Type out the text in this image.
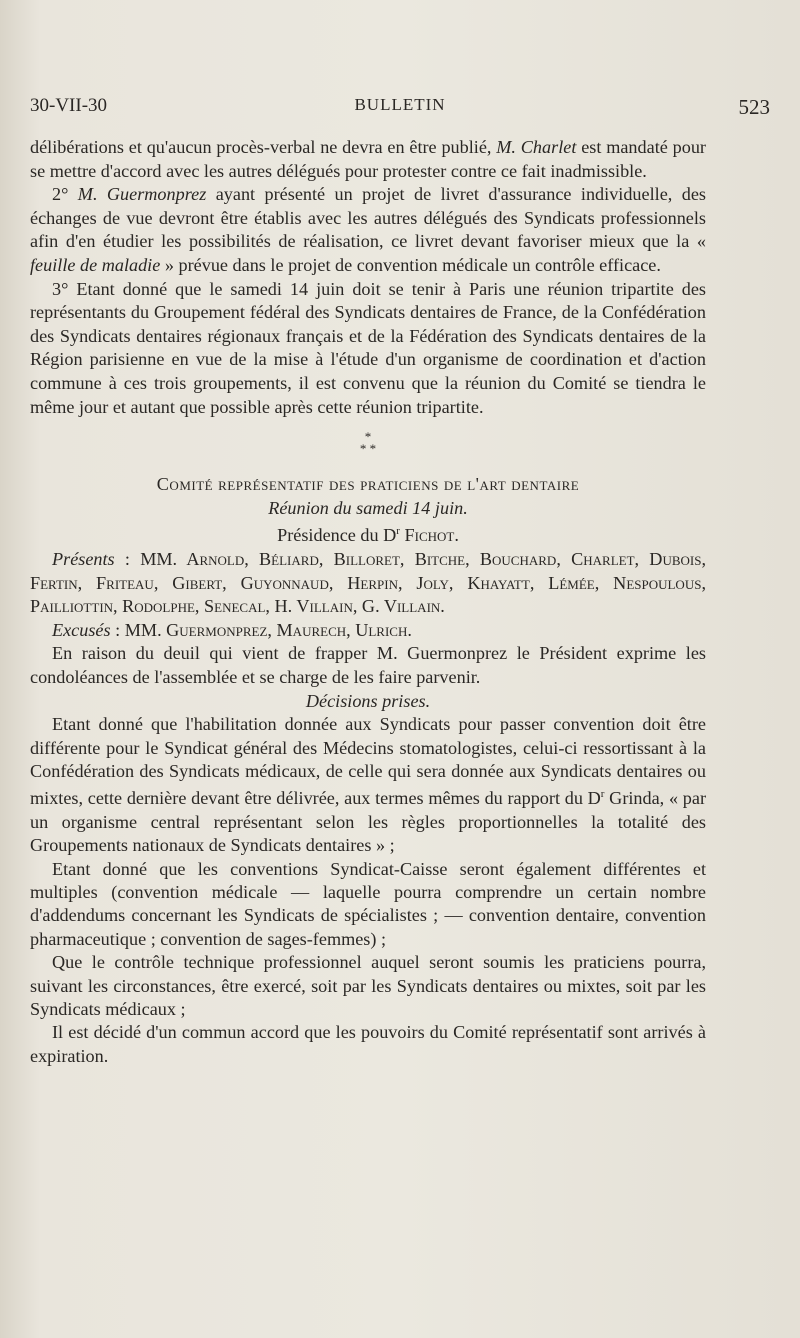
30-VII-30	BULLETIN	523

délibérations et qu'aucun procès-verbal ne devra en être publié, M. Charlet est mandaté pour se mettre d'accord avec les autres délégués pour protester contre ce fait inadmissible.

2° M. Guermonprez ayant présenté un projet de livret d'assurance individuelle, des échanges de vue devront être établis avec les autres délégués des Syndicats professionnels afin d'en étudier les possibilités de réalisation, ce livret devant favoriser mieux que la « feuille de maladie » prévue dans le projet de convention médicale un contrôle efficace.

3° Etant donné que le samedi 14 juin doit se tenir à Paris une réunion tripartite des représentants du Groupement fédéral des Syndicats dentaires de France, de la Confédération des Syndicats dentaires régionaux français et de la Fédération des Syndicats dentaires de la Région parisienne en vue de la mise à l'étude d'un organisme de coordination et d'action commune à ces trois groupements, il est convenu que la réunion du Comité se tiendra le même jour et autant que possible après cette réunion tripartite.

*
* *

Comité représentatif des praticiens de l'art dentaire

Réunion du samedi 14 juin.

Présidence du $D^r$ Fichot.

Présents : MM. Arnold, Béliard, Billoret, Bitche, Bouchard, Charlet, Dubois, Fertin, Friteau, Gibert, Guyonnaud, Herpin, Joly, Khayatt, Lémée, Nespoulous, Pailliottin, Rodolphe, Senecal, H. Villain, G. Villain.

Excusés : MM. Guermonprez, Maurech, Ulrich.

En raison du deuil qui vient de frapper M. Guermonprez le Président exprime les condoléances de l'assemblée et se charge de les faire parvenir.

Décisions prises.

Etant donné que l'habilitation donnée aux Syndicats pour passer convention doit être différente pour le Syndicat général des Médecins stomatologistes, celui-ci ressortissant à la Confédération des Syndicats médicaux, de celle qui sera donnée aux Syndicats dentaires ou mixtes, cette dernière devant être délivrée, aux termes mêmes du rapport du $D^r$ Grinda, « par un organisme central représentant selon les règles proportionnelles la totalité des Groupements nationaux de Syndicats dentaires » ;

Etant donné que les conventions Syndicat-Caisse seront également différentes et multiples (convention médicale — laquelle pourra comprendre un certain nombre d'addendums concernant les Syndicats de spécialistes ; — convention dentaire, convention pharmaceutique ; convention de sages-femmes) ;

Que le contrôle technique professionnel auquel seront soumis les praticiens pourra, suivant les circonstances, être exercé, soit par les Syndicats dentaires ou mixtes, soit par les Syndicats médicaux ;

Il est décidé d'un commun accord que les pouvoirs du Comité représentatif sont arrivés à expiration.
